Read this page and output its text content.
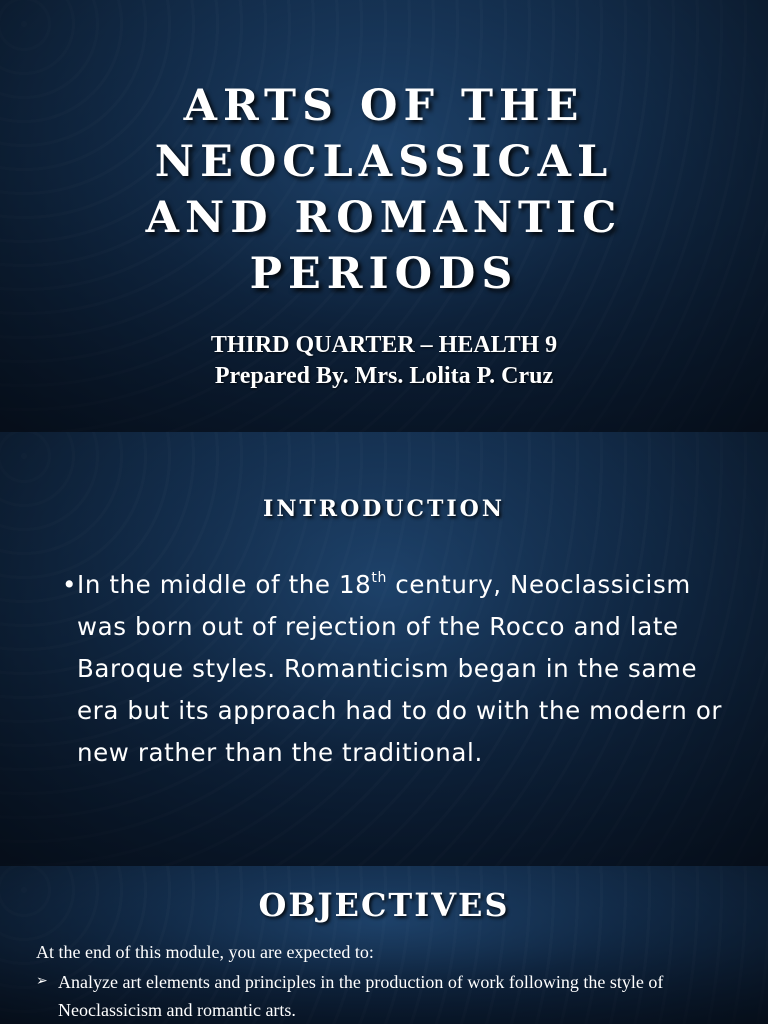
ARTS OF THE
NEOCLASSICAL
AND ROMANTIC
PERIODS
THIRD QUARTER – HEALTH 9
Prepared By. Mrs. Lolita P. Cruz
INTRODUCTION
• In the middle of the 18th century, Neoclassicism was born out of rejection of the Rocco and late Baroque styles. Romanticism began in the same era but its approach had to do with the modern or new rather than the traditional.
OBJECTIVES
At the end of this module, you are expected to:
➢ Analyze art elements and principles in the production of work following the style of Neoclassicism and romantic arts.
